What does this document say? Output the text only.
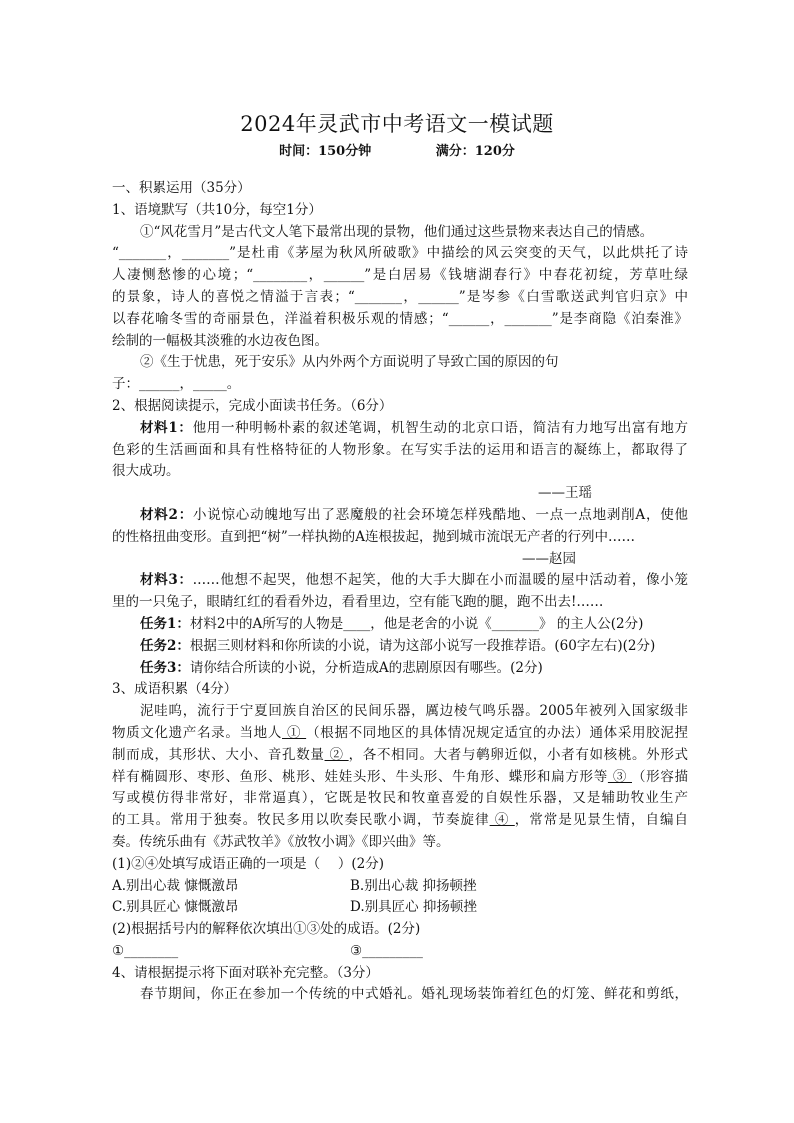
2024年灵武市中考语文一模试题
时间：150分钟	满分：120分
一、积累运用（35分）
1、语境默写（共10分，每空1分）
①“风花雪月”是古代文人笔下最常出现的景物，他们通过这些景物来表达自己的情感。
“_______，_______”是杜甫《茅屋为秋风所破歌》中描绘的风云突变的天气，以此烘托了诗
人凄恻愁惨的心境；“________，______”是白居易《钱塘湖春行》中春花初绽，芳草吐绿
的景象，诗人的喜悦之情溢于言表；“_______，______”是岑参《白雪歌送武判官归京》中
以春花喻冬雪的奇丽景色，洋溢着积极乐观的情感；“______，_______”是李商隐《泊秦淮》
绘制的一幅极其淡雅的水边夜色图。
②《生于忧患，死于安乐》从内外两个方面说明了导致亡国的原因的句
子：______，_____。
2、根据阅读提示，完成小面读书任务。（6分）
材料1：他用一种明畅朴素的叙述笔调，机智生动的北京口语，简洁有力地写出富有地方
色彩的生活画面和具有性格特征的人物形象。在写实手法的运用和语言的凝练上，都取得了
很大成功。
——王瑶
材料2：小说惊心动魄地写出了恶魔般的社会环境怎样残酷地、一点一点地剥削A，使他
的性格扭曲变形。直到把“树”一样执拗的A连根拔起，抛到城市流氓无产者的行列中……
——赵园
材料3：……他想不起哭，他想不起笑，他的大手大脚在小而温暖的屋中活动着，像小笼
里的一只兔子，眼睛红红的看看外边，看看里边，空有能飞跑的腿，跑不出去!……
任务1：材料2中的A所写的人物是____，他是老舍的小说《_______》 的主人公(2分)
任务2：根据三则材料和你所读的小说，请为这部小说写一段推荐语。(60字左右)(2分)
任务3：请你结合所读的小说，分析造成A的悲剧原因有哪些。(2分)
3、成语积累（4分）
泥哇呜，流行于宁夏回族自治区的民间乐器，厲边棱气鸣乐器。2005年被列入国家级非
物质文化遗产名录。当地人 ① （根据不同地区的具体情况规定适宜的办法）通体采用胶泥捏
制而成，其形状、大小、音孔数量 ② ，各不相同。大者与鹌卵近似，小者有如核桃。外形式
样有椭圆形、枣形、鱼形、桃形、娃娃头形、牛头形、牛角形、蝶形和扁方形等 ③ （形容描
写或模仿得非常好，非常逼真），它既是牧民和牧童喜爱的自娱性乐器，又是辅助牧业生产
的工具。常用于独奏。牧民多用以吹奏民歌小调，节奏旋律 ④ ，常常是见景生情，自编自
奏。传统乐曲有《苏武牧羊》《放牧小调》《即兴曲》等。
(1)②④处填写成语正确的一项是（　 ）(2分)
A.别出心裁 慷慨激昂	B.别出心裁 抑扬顿挫
C.别具匠心 慷慨激昂	D.别具匠心 抑扬顿挫
(2)根据括号内的解释依次填出①③处的成语。(2分)
①________	③_________
4、请根据提示将下面对联补充完整。（3分）
春节期间，你正在参加一个传统的中式婚礼。婚礼现场装饰着红色的灯笼、鲜花和剪纸，
